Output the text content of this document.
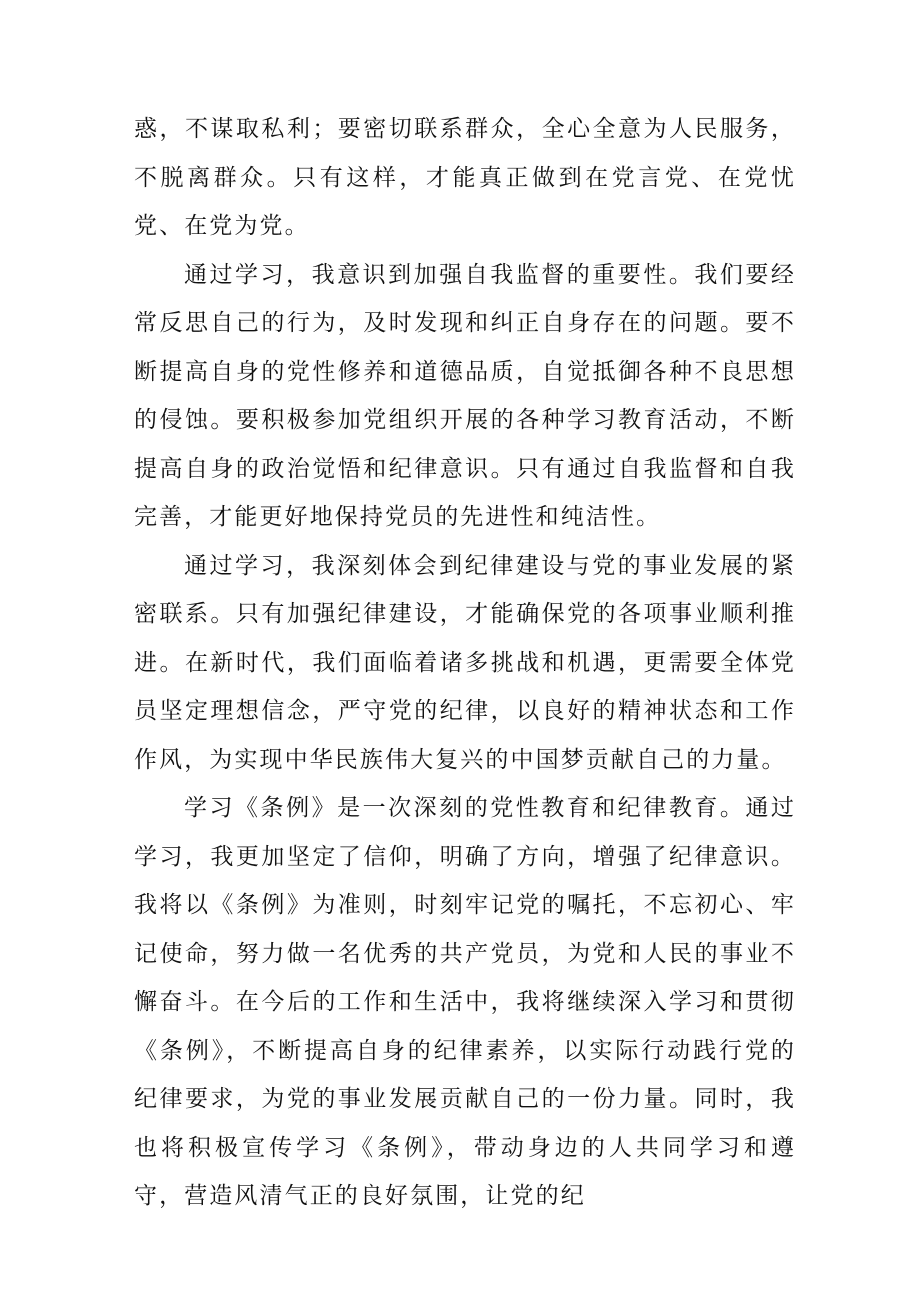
惑，不谋取私利；要密切联系群众，全心全意为人民服务，不脱离群众。只有这样，才能真正做到在党言党、在党忧党、在党为党。

通过学习，我意识到加强自我监督的重要性。我们要经常反思自己的行为，及时发现和纠正自身存在的问题。要不断提高自身的党性修养和道德品质，自觉抵御各种不良思想的侵蚀。要积极参加党组织开展的各种学习教育活动，不断提高自身的政治觉悟和纪律意识。只有通过自我监督和自我完善，才能更好地保持党员的先进性和纯洁性。

通过学习，我深刻体会到纪律建设与党的事业发展的紧密联系。只有加强纪律建设，才能确保党的各项事业顺利推进。在新时代，我们面临着诸多挑战和机遇，更需要全体党员坚定理想信念，严守党的纪律，以良好的精神状态和工作作风，为实现中华民族伟大复兴的中国梦贡献自己的力量。

学习《条例》是一次深刻的党性教育和纪律教育。通过学习，我更加坚定了信仰，明确了方向，增强了纪律意识。我将以《条例》为准则，时刻牢记党的嘱托，不忘初心、牢记使命，努力做一名优秀的共产党员，为党和人民的事业不懈奋斗。在今后的工作和生活中，我将继续深入学习和贯彻《条例》，不断提高自身的纪律素养，以实际行动践行党的纪律要求，为党的事业发展贡献自己的一份力量。同时，我也将积极宣传学习《条例》，带动身边的人共同学习和遵守，营造风清气正的良好氛围，让党的纪
